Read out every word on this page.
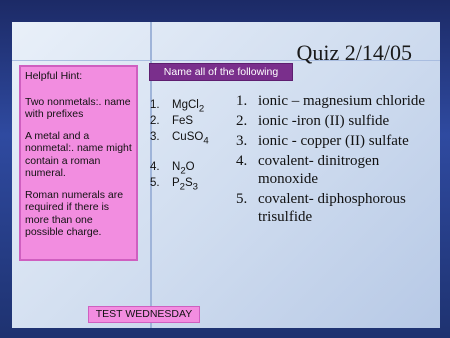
Quiz 2/14/05

Helpful Hint:

Two nonmetals:. name with prefixes

A metal and a nonmetal:. name might contain a roman numeral.

Roman numerals are required if there is more than one possible charge.

Name all of the following
1.	MgCl$_2$
2.	FeS
3.	CuSO$_4$
4.	$N_2O$
5.	$P_2S_3$
1. ionic – magnesium chloride
2. ionic -iron (II) sulfide
3. ionic - copper (II) sulfate
4. covalent- dinitrogen monoxide
5. covalent- diphosphorous trisulfide
TEST WEDNESDAY
